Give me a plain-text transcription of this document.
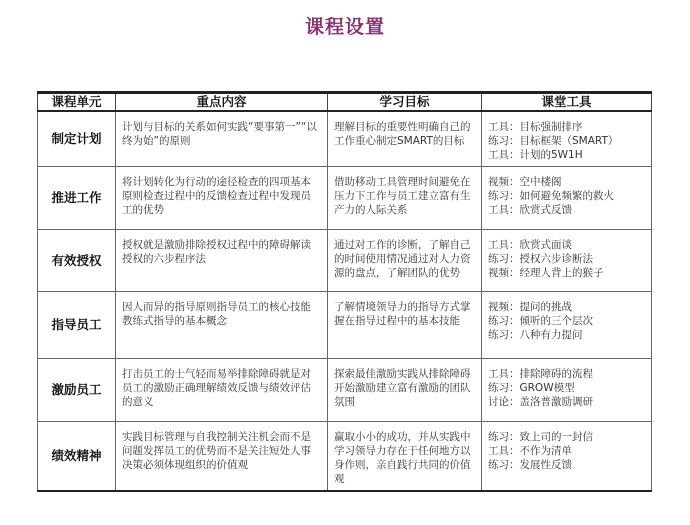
课程设置
课程单元	重点内容	学习目标	课堂工具
制定计划	计划与目标的关系如何实践“要事第一”“以终为始”的原则	理解目标的重要性明确自己的工作重心制定SMART的目标	工具：目标强制排序
练习：目标框架（SMART）
工具：计划的5W1H

推进工作	将计划转化为行动的途径检查的四项基本原则检查过程中的反馈检查过程中发现员工的优势	借助移动工具管理时间避免在压力下工作与员工建立富有生产力的人际关系	视频：空中楼阁
练习：如何避免频繁的救火
工具：欣赏式反馈

有效授权	授权就是激励排除授权过程中的障碍解读授权的六步程序法	通过对工作的诊断，了解自己的时间使用情况通过对人力资源的盘点，了解团队的优势	工具：欣赏式面谈
练习：授权六步诊断法
视频：经理人背上的猴子

指导员工	因人而异的指导原则指导员工的核心技能教练式指导的基本概念	了解情境领导力的指导方式掌握在指导过程中的基本技能	视频：提问的挑战
练习：倾听的三个层次
练习：八种有力提问

激励员工	打击员工的士气轻而易举排除障碍就是对员工的激励正确理解绩效反馈与绩效评估的意义	探索最佳激励实践从排除障碍开始激励建立富有激励的团队氛围	工具：排除障碍的流程
练习：GROW模型
讨论：盖洛普激励调研

绩效精神	实践目标管理与自我控制关注机会而不是问题发挥员工的优势而不是关注短处人事决策必须体现组织的价值观	赢取小小的成功，并从实践中学习领导力存在于任何地方以身作则，亲自践行共同的价值观	练习：致上司的一封信
工具：不作为清单
练习：发展性反馈
